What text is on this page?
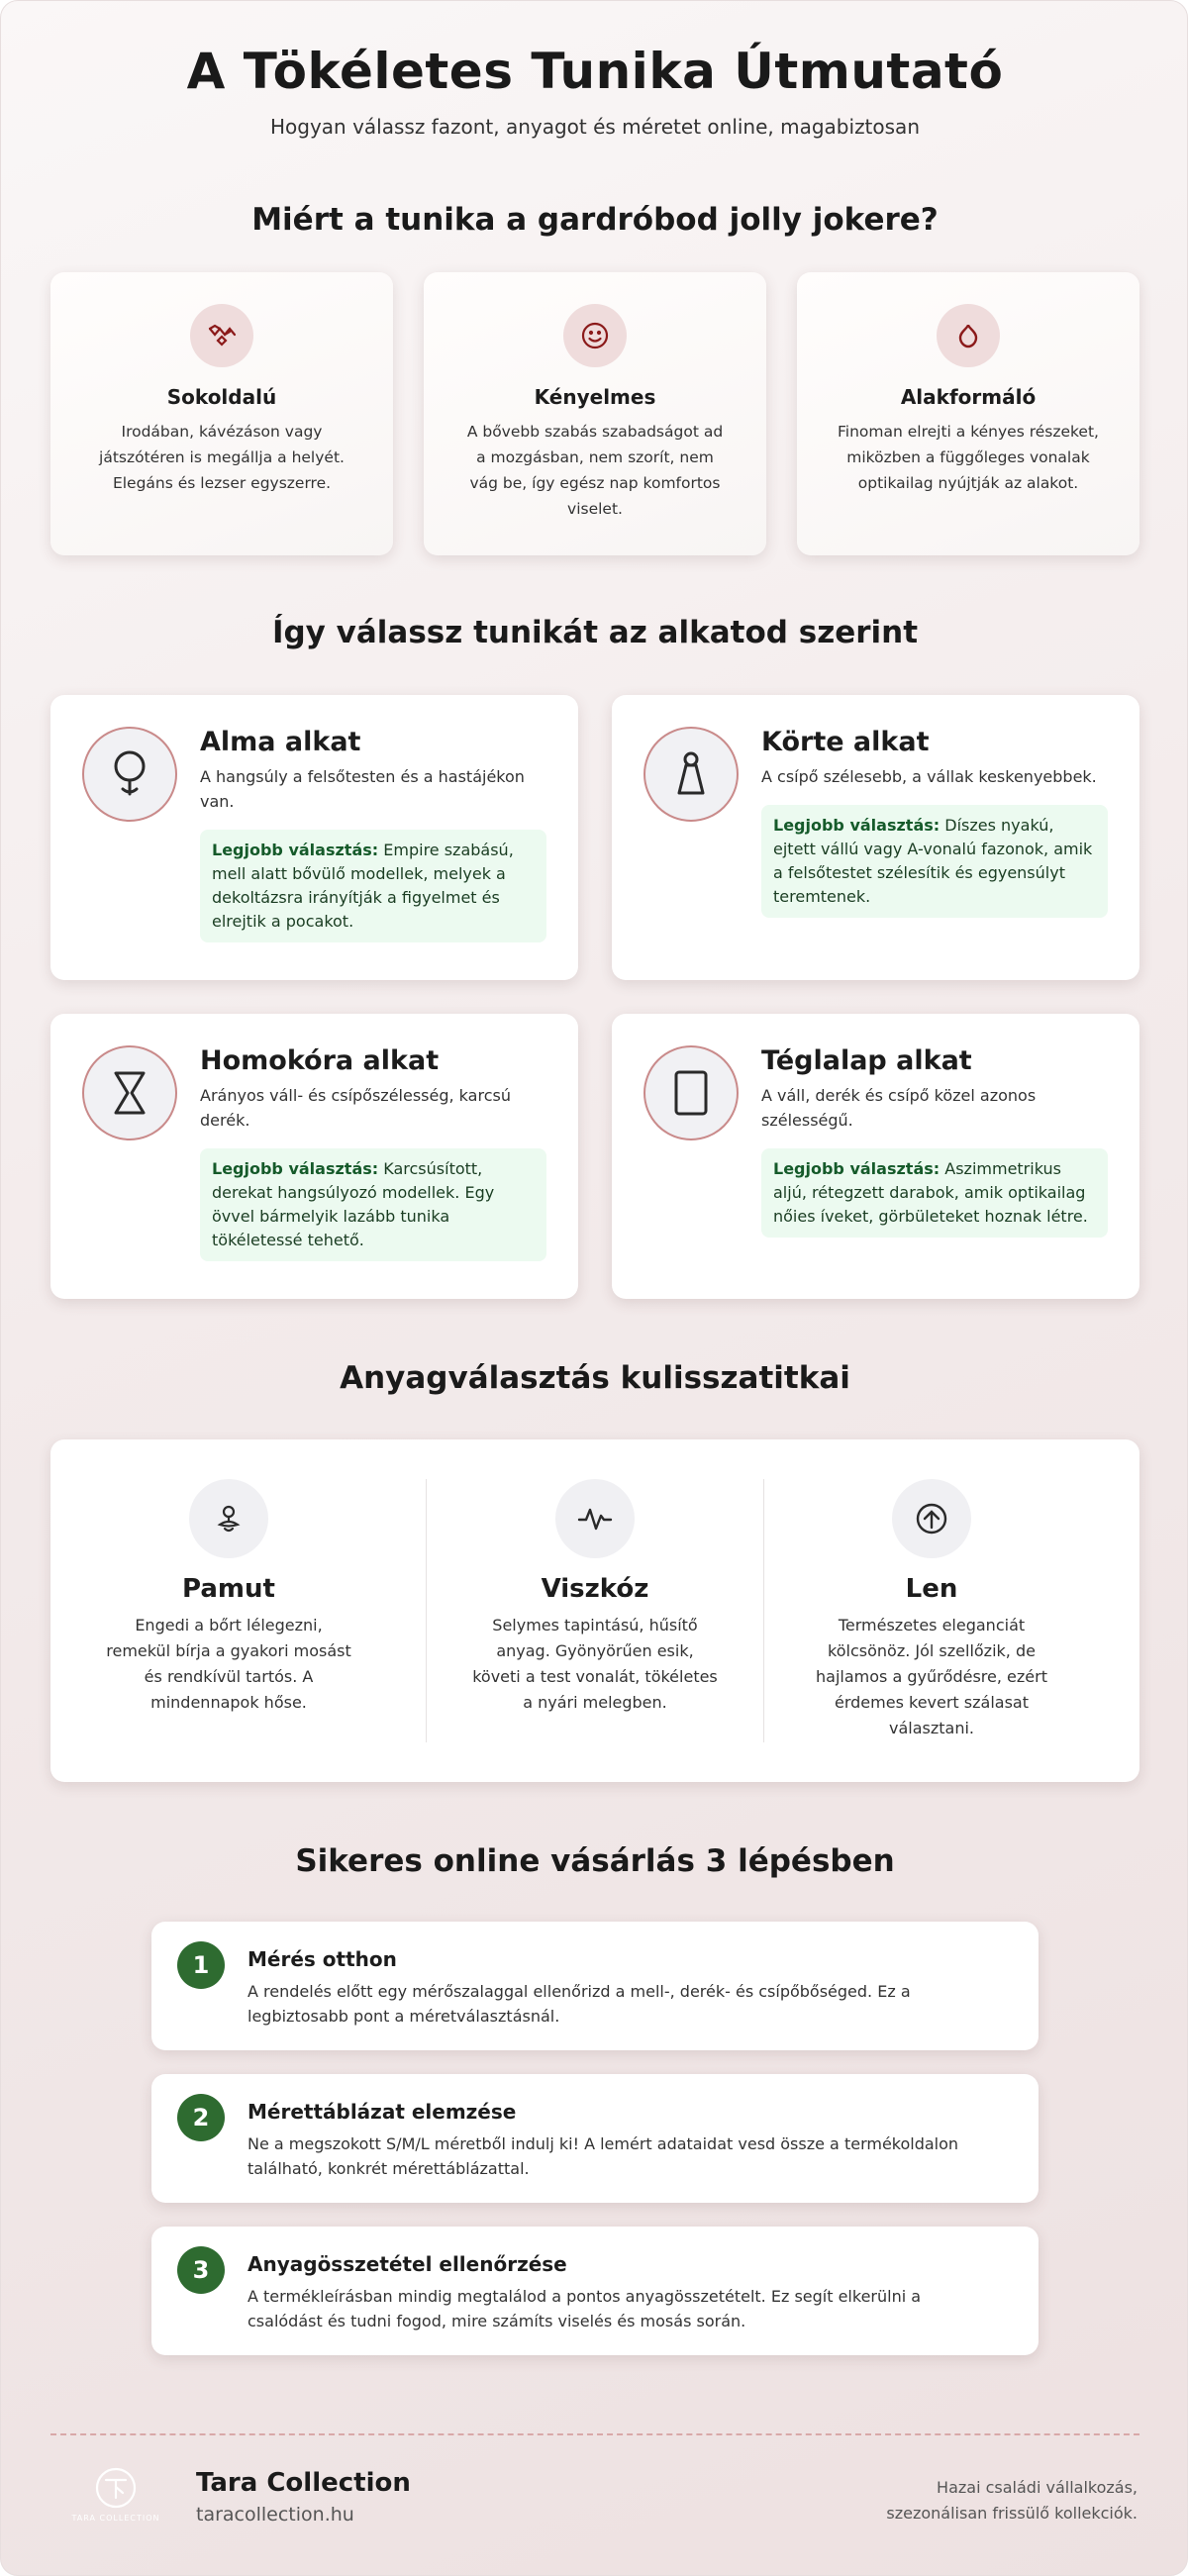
A Tökéletes Tunika Útmutató

Hogyan válassz fazont, anyagot és méretet online, magabiztosan

Miért a tunika a gardróbod jolly jokere?
Sokoldalú
Irodában, kávézáson vagy játszótéren is megállja a helyét. Elegáns és lezser egyszerre.
Kényelmes
A bővebb szabás szabadságot ad a mozgásban, nem szorít, nem vág be, így egész nap komfortos viselet.
Alakformáló
Finoman elrejti a kényes részeket, miközben a függőleges vonalak optikailag nyújtják az alakot.
Így válassz tunikát az alkatod szerint
Alma alkat
A hangsúly a felsőtesten és a hastájékon van.
Legjobb választás: Empire szabású, mell alatt bővülő modellek, melyek a dekoltázsra irányítják a figyelmet és elrejtik a pocakot.
Körte alkat
A csípő szélesebb, a vállak keskenyebbek.
Legjobb választás: Díszes nyakú, ejtett vállú vagy A-vonalú fazonok, amik a felsőtestet szélesítik és egyensúlyt teremtenek.
Homokóra alkat
Arányos váll- és csípőszélesség, karcsú derék.
Legjobb választás: Karcsúsított, derekat hangsúlyozó modellek. Egy övvel bármelyik lazább tunika tökéletessé tehető.
Téglalap alkat
A váll, derék és csípő közel azonos szélességű.
Legjobb választás: Aszimmetrikus aljú, rétegzett darabok, amik optikailag nőies íveket, görbületeket hoznak létre.
Anyagválasztás kulisszatitkai
Pamut
Engedi a bőrt lélegezni, remekül bírja a gyakori mosást és rendkívül tartós. A mindennapok hőse.
Viszkóz
Selymes tapintású, hűsítő anyag. Gyönyörűen esik, követi a test vonalát, tökéletes a nyári melegben.
Len
Természetes eleganciát kölcsönöz. Jól szellőzik, de hajlamos a gyűrődésre, ezért érdemes kevert szálasat választani.
Sikeres online vásárlás 3 lépésben
1	Mérés otthon
A rendelés előtt egy mérőszalaggal ellenőrizd a mell-, derék- és csípőbőséged. Ez a legbiztosabb pont a méretválasztásnál.
2	Mérettáblázat elemzése
Ne a megszokott S/M/L méretből indulj ki! A lemért adataidat vesd össze a termékoldalon található, konkrét mérettáblázattal.
3	Anyagösszetétel ellenőrzése
A termékleírásban mindig megtalálod a pontos anyagösszetételt. Ez segít elkerülni a csalódást és tudni fogod, mire számíts viselés és mosás során.
TARA COLLECTION
Tara Collection
taracollection.hu
Hazai családi vállalkozás,
szezonálisan frissülő kollekciók.
